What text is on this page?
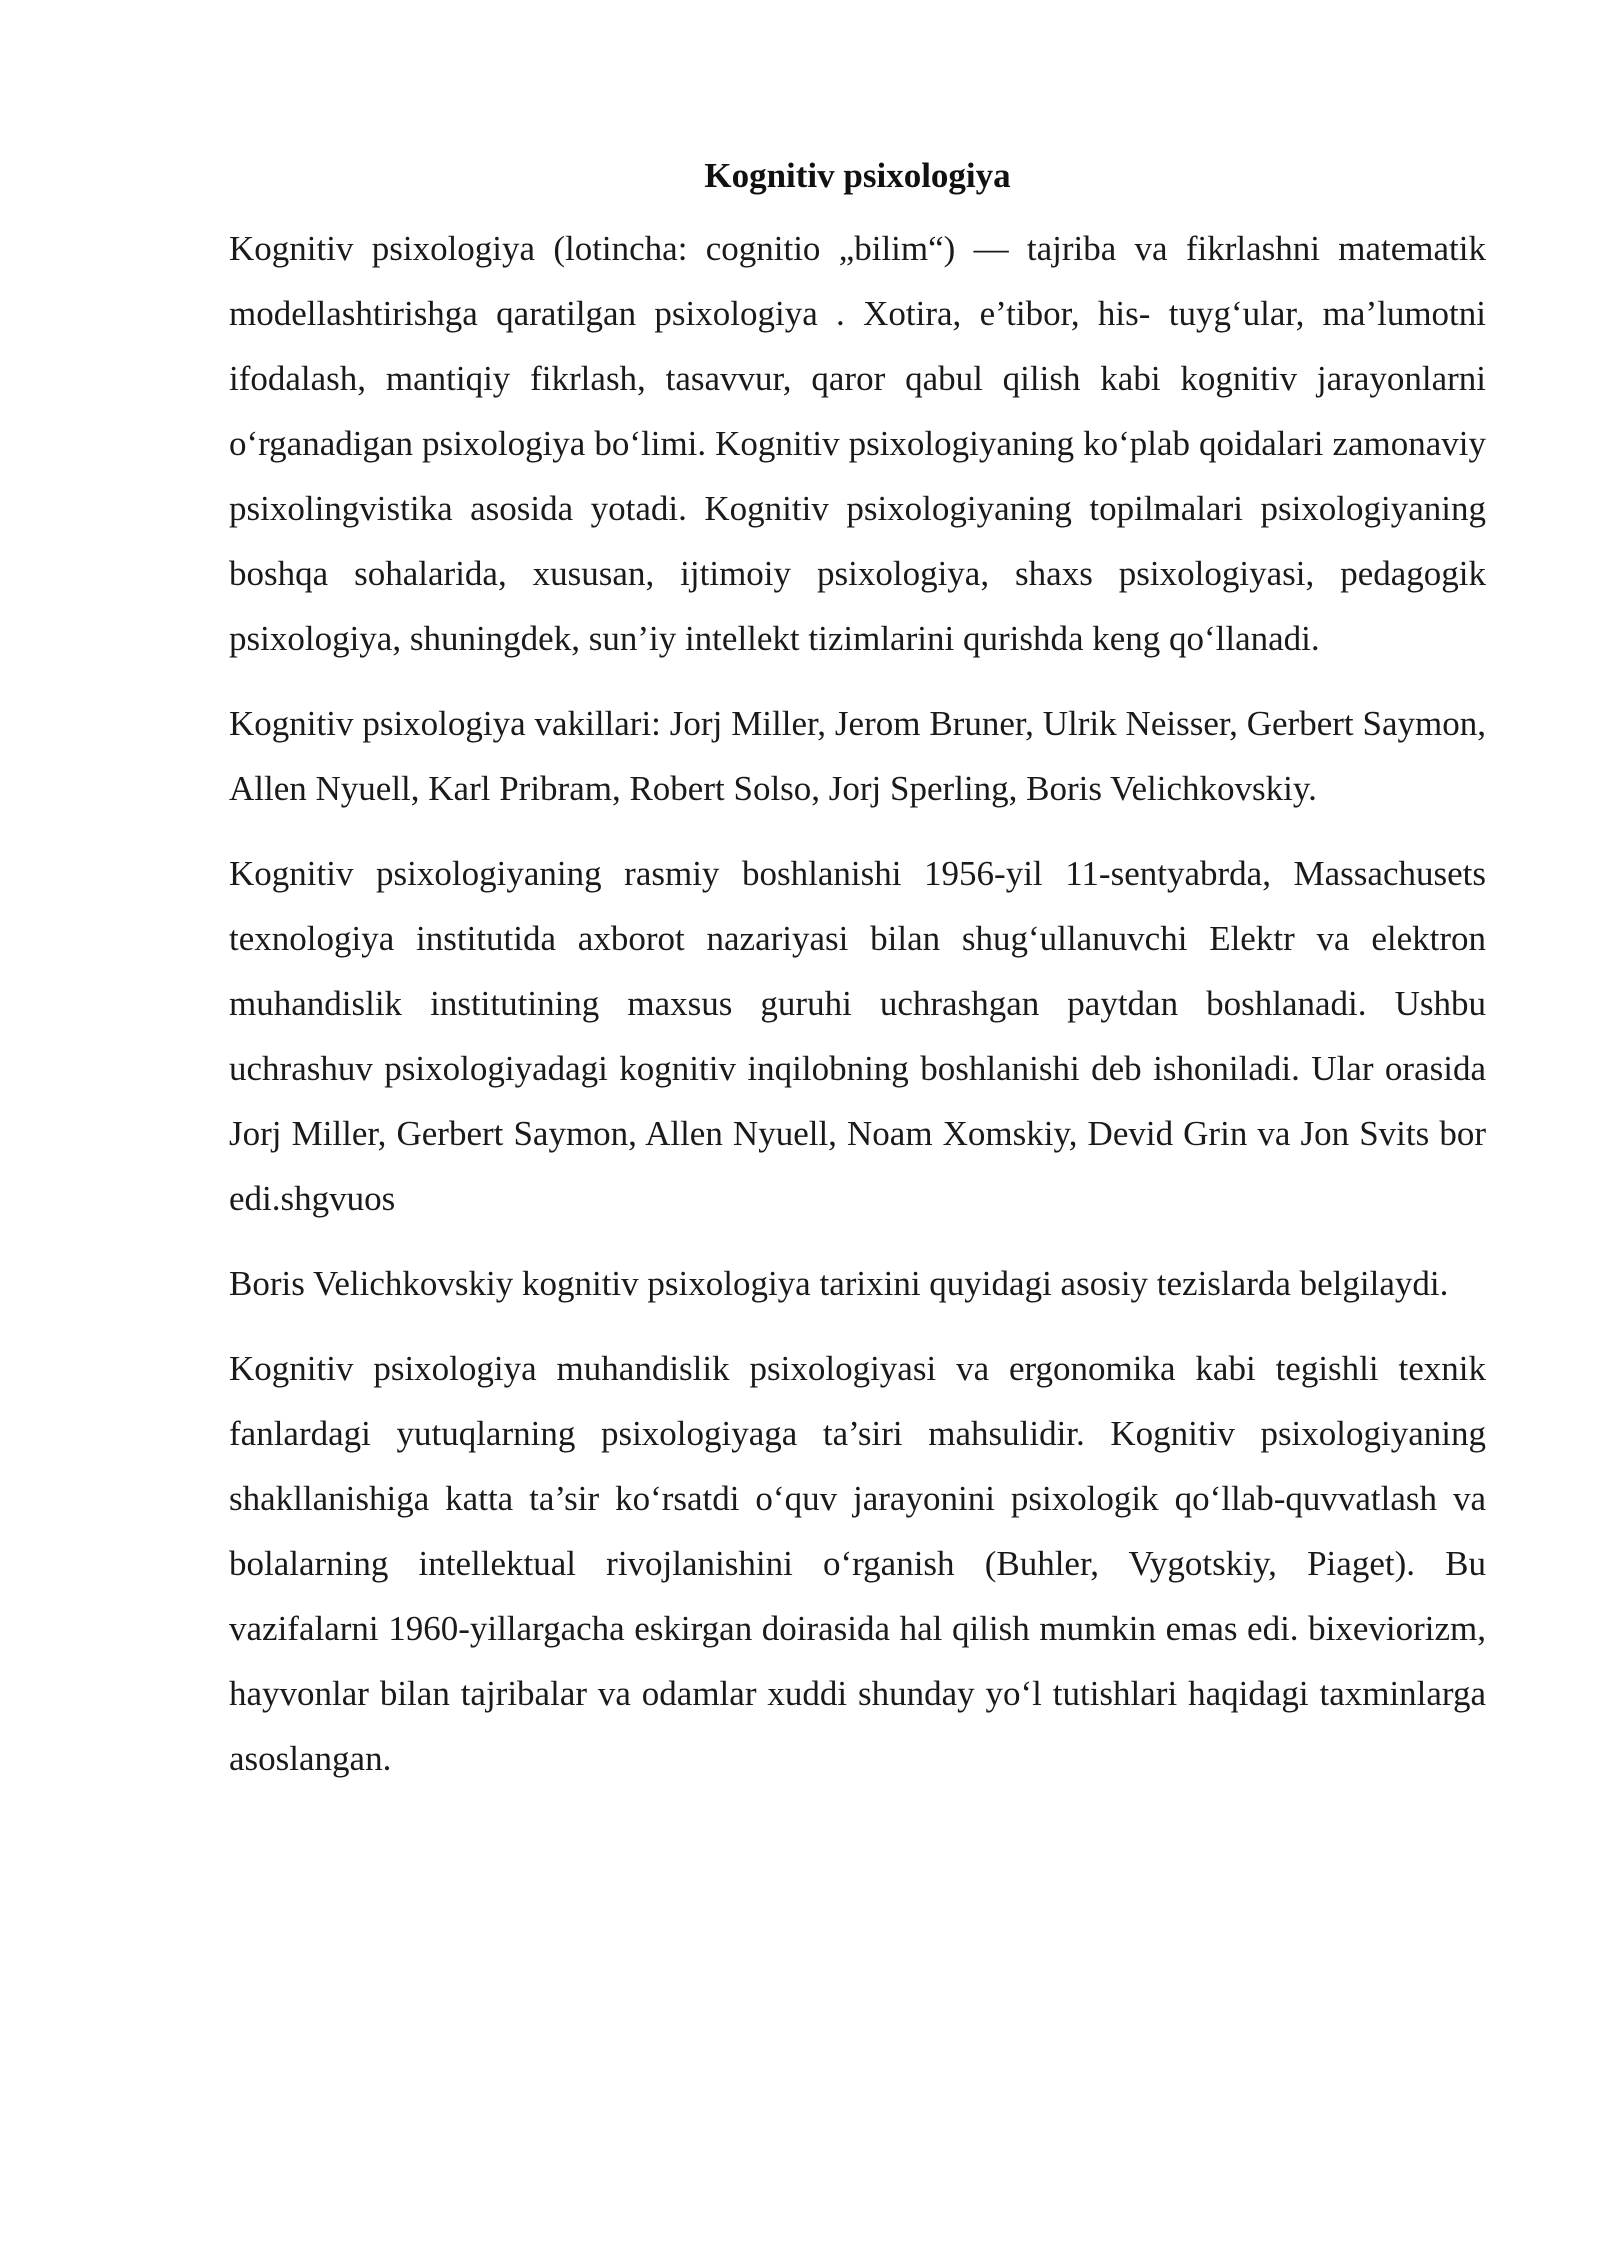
Kognitiv psixologiya

Kognitiv psixologiya (lotincha: cognitio „bilim“) — tajriba va fikrlashni matematik modellashtirishga qaratilgan psixologiya . Xotira, e’tibor, his- tuyg‘ular, ma’lumotni ifodalash, mantiqiy fikrlash, tasavvur, qaror qabul qilish kabi kognitiv jarayonlarni o‘rganadigan psixologiya bo‘limi. Kognitiv psixologiyaning ko‘plab qoidalari zamonaviy psixolingvistika asosida yotadi. Kognitiv psixologiyaning topilmalari psixologiyaning boshqa sohalarida, xususan, ijtimoiy psixologiya, shaxs psixologiyasi, pedagogik psixologiya, shuningdek, sun’iy intellekt tizimlarini qurishda keng qo‘llanadi.

Kognitiv psixologiya vakillari: Jorj Miller, Jerom Bruner, Ulrik Neisser, Gerbert Saymon, Allen Nyuell, Karl Pribram, Robert Solso, Jorj Sperling, Boris Velichkovskiy.

Kognitiv psixologiyaning rasmiy boshlanishi 1956-yil 11-sentyabrda, Massachusets texnologiya institutida axborot nazariyasi bilan shug‘ullanuvchi Elektr va elektron muhandislik institutining maxsus guruhi uchrashgan paytdan boshlanadi. Ushbu uchrashuv psixologiyadagi kognitiv inqilobning boshlanishi deb ishoniladi. Ular orasida Jorj Miller, Gerbert Saymon, Allen Nyuell, Noam Xomskiy, Devid Grin va Jon Svits bor edi.shgvuos

Boris Velichkovskiy kognitiv psixologiya tarixini quyidagi asosiy tezislarda belgilaydi.

Kognitiv psixologiya muhandislik psixologiyasi va ergonomika kabi tegishli texnik fanlardagi yutuqlarning psixologiyaga ta’siri mahsulidir. Kognitiv psixologiyaning shakllanishiga katta ta’sir ko‘rsatdi o‘quv jarayonini psixologik qo‘llab-quvvatlash va bolalarning intellektual rivojlanishini o‘rganish (Buhler, Vygotskiy, Piaget). Bu vazifalarni 1960-yillargacha eskirgan doirasida hal qilish mumkin emas edi. bixeviorizm, hayvonlar bilan tajribalar va odamlar xuddi shunday yo‘l tutishlari haqidagi taxminlarga asoslangan.
